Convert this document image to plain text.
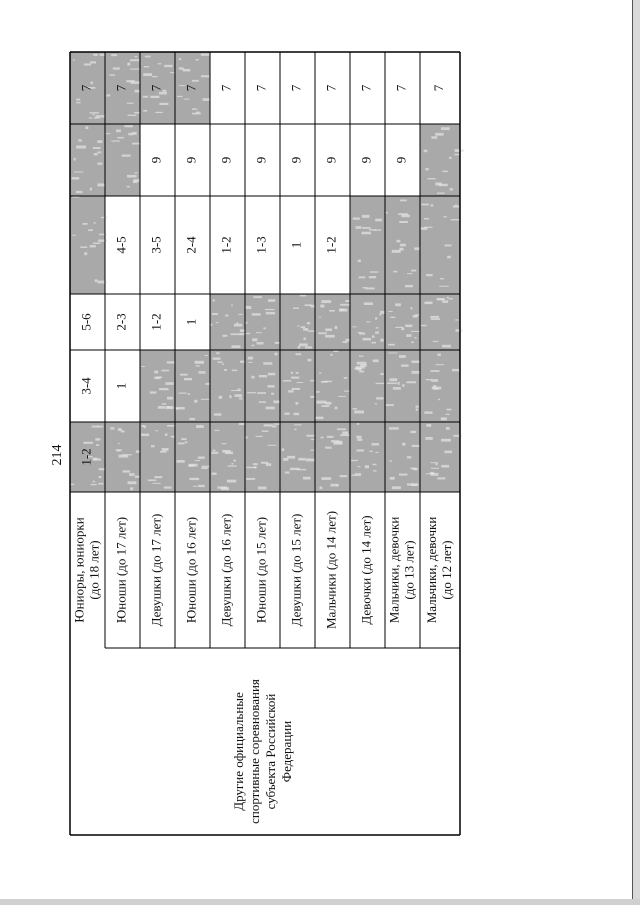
214	1-2
3-4
5-6
7
Юниоры, юниорки (до 18 лет)
1
2-3
4-5
7
Юноши (до 17 лет)
1-2
3-5
9
7
Девушки (до 17 лет)
1
2-4
9
7
Юноши (до 16 лет)
1-2
9
7
Девушки (до 16 лет)
1-3
9
7
Юноши (до 15 лет)
1
9
7
Девушки (до 15 лет)
1-2
9
7
Мальчики (до 14 лет)
9
7
Девочки (до 14 лет)
9
7
Мальчики, девочки (до 13 лет)
7
Мальчики, девочки (до 12 лет)
Другие официальные спортивные соревнования субъекта Российской Федерации
